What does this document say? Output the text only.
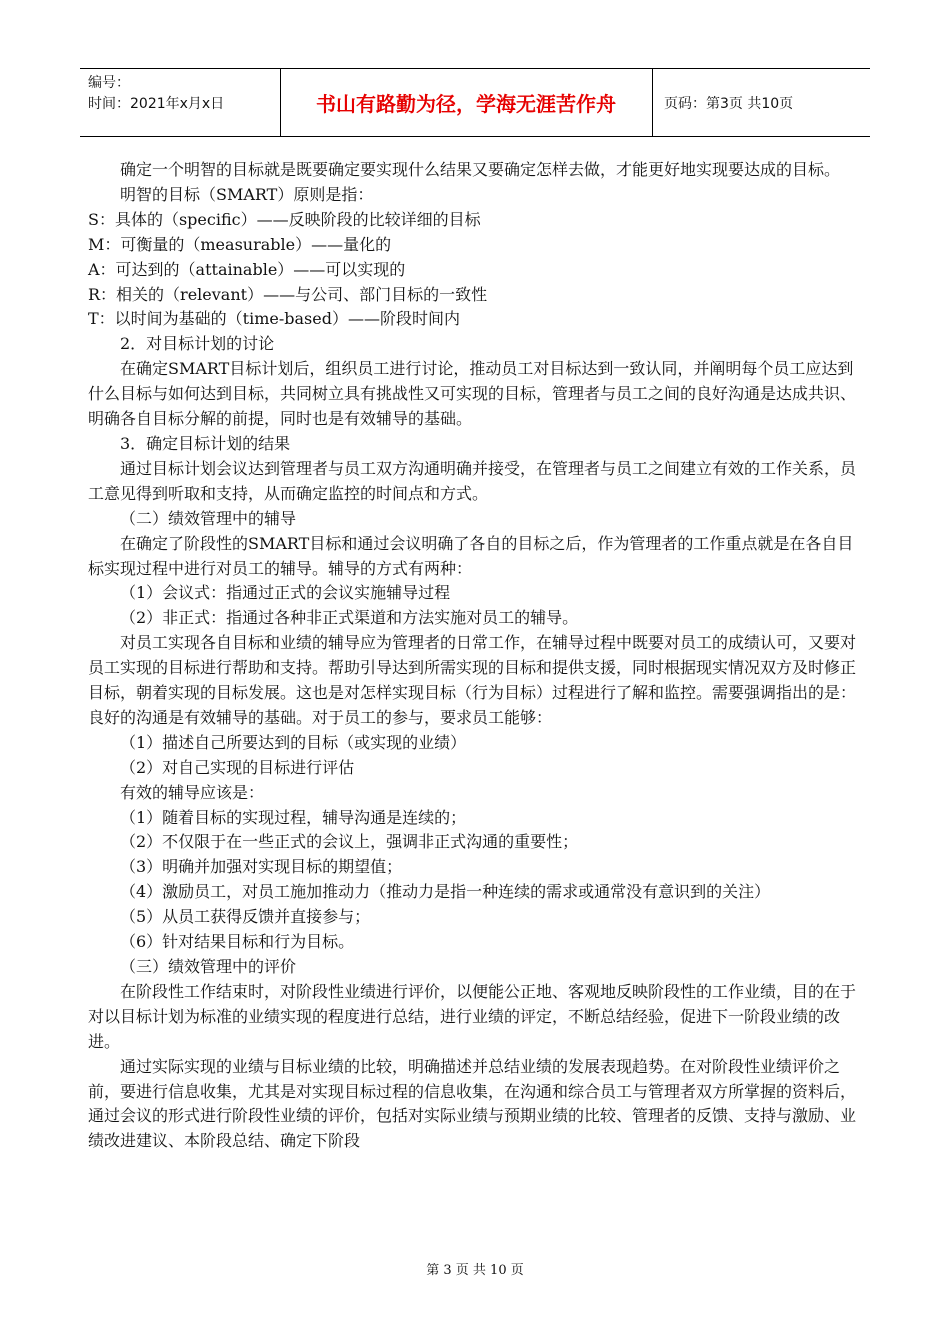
编号：
时间：2021年x月x日	书山有路勤为径，学海无涯苦作舟	页码：第3页 共10页

确定一个明智的目标就是既要确定要实现什么结果又要确定怎样去做，才能更好地实现要达成的目标。

明智的目标（SMART）原则是指：

S：具体的（specific）——反映阶段的比较详细的目标

M：可衡量的（measurable）——量化的

A：可达到的（attainable）——可以实现的

R：相关的（relevant）——与公司、部门目标的一致性

T：以时间为基础的（time-based）——阶段时间内

2．对目标计划的讨论

在确定SMART目标计划后，组织员工进行讨论，推动员工对目标达到一致认同，并阐明每个员工应达到什么目标与如何达到目标，共同树立具有挑战性又可实现的目标，管理者与员工之间的良好沟通是达成共识、明确各自目标分解的前提，同时也是有效辅导的基础。

3．确定目标计划的结果

通过目标计划会议达到管理者与员工双方沟通明确并接受，在管理者与员工之间建立有效的工作关系，员工意见得到听取和支持，从而确定监控的时间点和方式。

（二）绩效管理中的辅导

在确定了阶段性的SMART目标和通过会议明确了各自的目标之后，作为管理者的工作重点就是在各自目标实现过程中进行对员工的辅导。辅导的方式有两种：

（1）会议式：指通过正式的会议实施辅导过程

（2）非正式：指通过各种非正式渠道和方法实施对员工的辅导。

对员工实现各自目标和业绩的辅导应为管理者的日常工作，在辅导过程中既要对员工的成绩认可，又要对员工实现的目标进行帮助和支持。帮助引导达到所需实现的目标和提供支援，同时根据现实情况双方及时修正目标，朝着实现的目标发展。这也是对怎样实现目标（行为目标）过程进行了解和监控。需要强调指出的是：良好的沟通是有效辅导的基础。对于员工的参与，要求员工能够：

（1）描述自己所要达到的目标（或实现的业绩）

（2）对自己实现的目标进行评估

有效的辅导应该是：

（1）随着目标的实现过程，辅导沟通是连续的；

（2）不仅限于在一些正式的会议上，强调非正式沟通的重要性；

（3）明确并加强对实现目标的期望值；

（4）激励员工，对员工施加推动力（推动力是指一种连续的需求或通常没有意识到的关注）

（5）从员工获得反馈并直接参与；

（6）针对结果目标和行为目标。

（三）绩效管理中的评价

在阶段性工作结束时，对阶段性业绩进行评价，以便能公正地、客观地反映阶段性的工作业绩，目的在于对以目标计划为标准的业绩实现的程度进行总结，进行业绩的评定，不断总结经验，促进下一阶段业绩的改进。

通过实际实现的业绩与目标业绩的比较，明确描述并总结业绩的发展表现趋势。在对阶段性业绩评价之前，要进行信息收集，尤其是对实现目标过程的信息收集，在沟通和综合员工与管理者双方所掌握的资料后，通过会议的形式进行阶段性业绩的评价，包括对实际业绩与预期业绩的比较、管理者的反馈、支持与激励、业绩改进建议、本阶段总结、确定下阶段

第 3 页 共 10 页
